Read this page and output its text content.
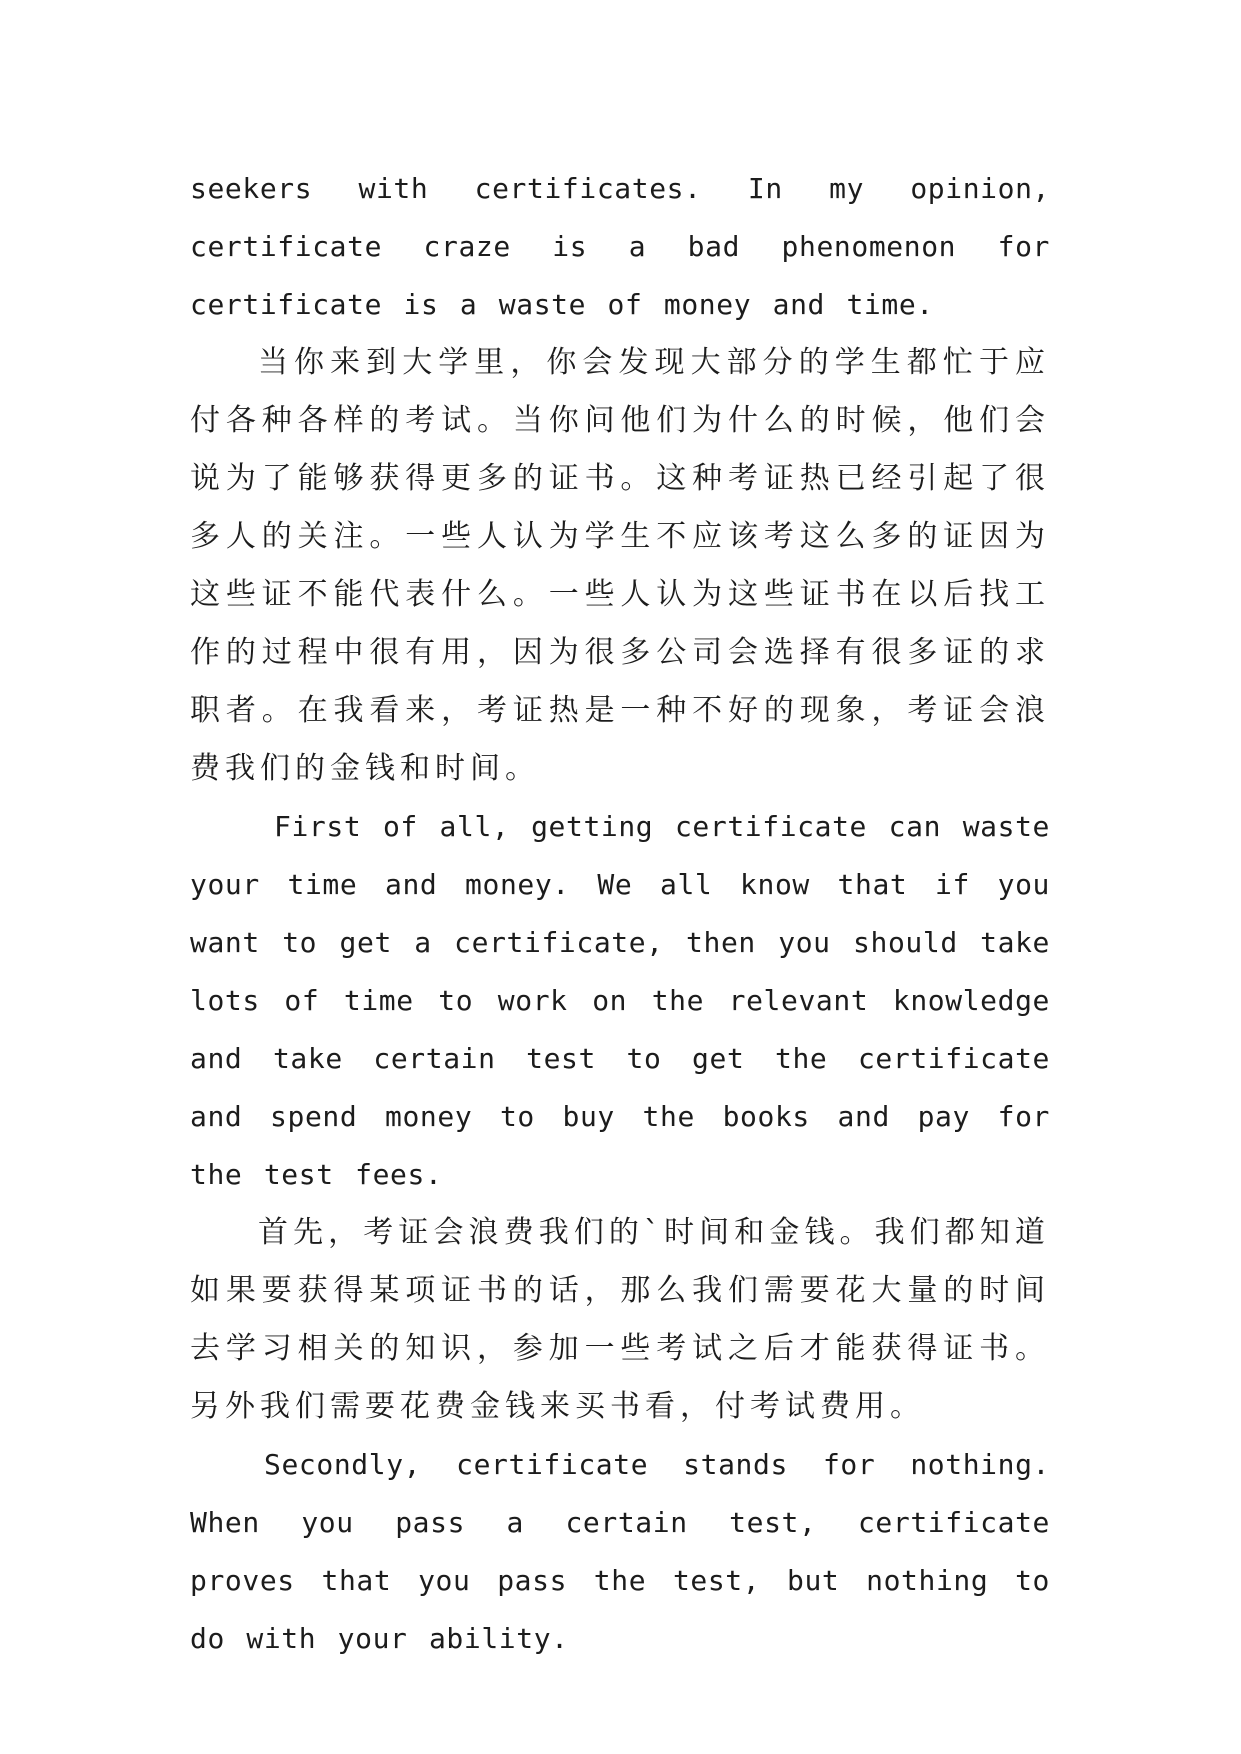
seekers with certificates. In my opinion, certificate craze is a bad phenomenon for certificate is a waste of money and time.

当你来到大学里，你会发现大部分的学生都忙于应付各种各样的考试。当你问他们为什么的时候，他们会说为了能够获得更多的证书。这种考证热已经引起了很多人的关注。一些人认为学生不应该考这么多的证因为这些证不能代表什么。一些人认为这些证书在以后找工作的过程中很有用，因为很多公司会选择有很多证的求职者。在我看来，考证热是一种不好的现象，考证会浪费我们的金钱和时间。

First of all, getting certificate can waste your time and money. We all know that if you want to get a certificate, then you should take lots of time to work on the relevant knowledge and take certain test to get the certificate and spend money to buy the books and pay for the test fees.

首先，考证会浪费我们的`时间和金钱。我们都知道如果要获得某项证书的话，那么我们需要花大量的时间去学习相关的知识，参加一些考试之后才能获得证书。另外我们需要花费金钱来买书看，付考试费用。

Secondly, certificate stands for nothing. When you pass a certain test, certificate proves that you pass the test, but nothing to do with your ability.
